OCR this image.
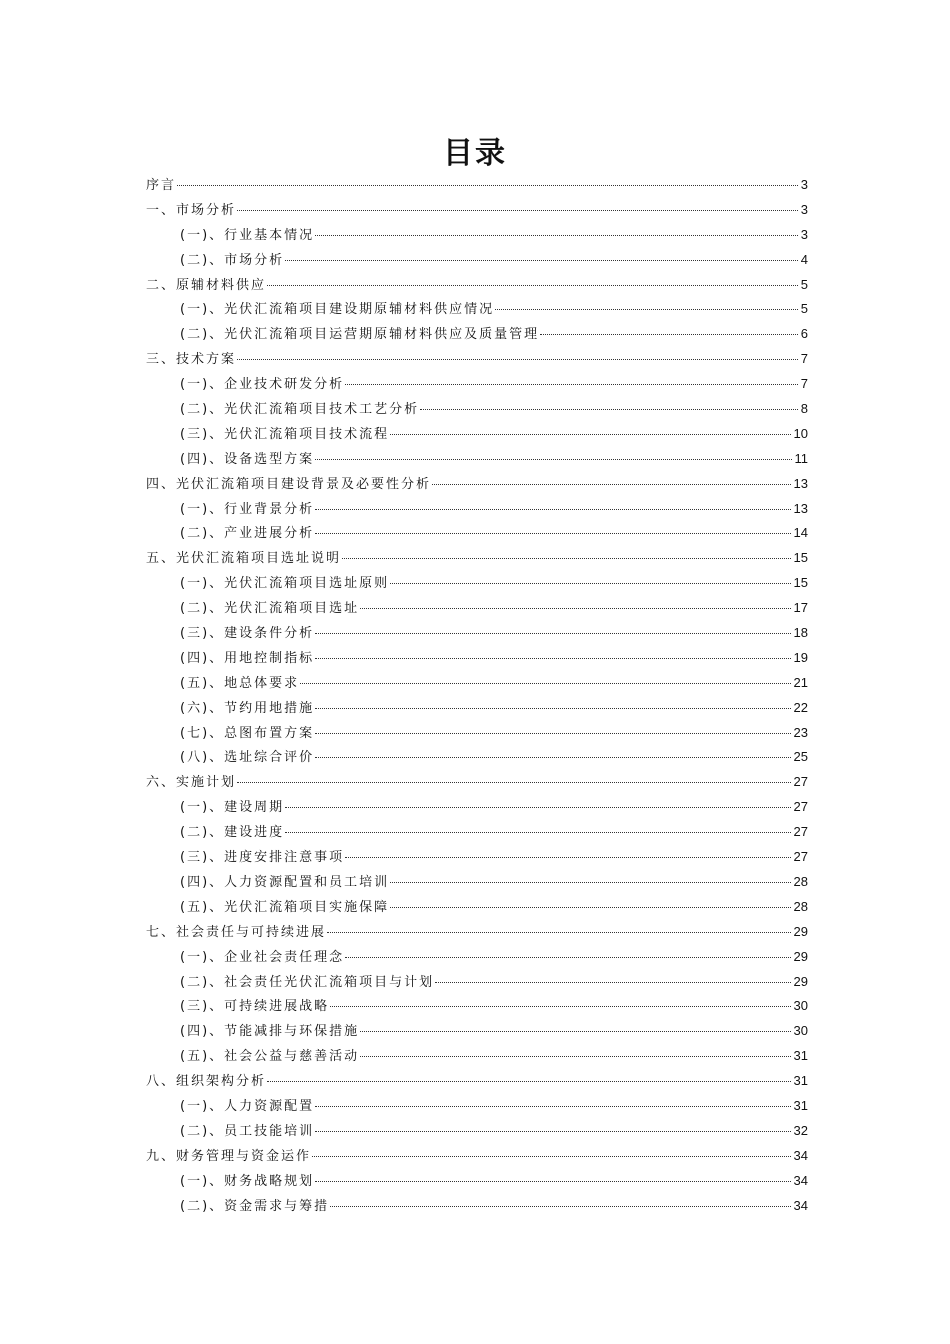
目录
序言	3
一、市场分析	3
(一)、行业基本情况	3
(二)、市场分析	4
二、原辅材料供应	5
(一)、光伏汇流箱项目建设期原辅材料供应情况	5
(二)、光伏汇流箱项目运营期原辅材料供应及质量管理	6
三、技术方案	7
(一)、企业技术研发分析	7
(二)、光伏汇流箱项目技术工艺分析	8
(三)、光伏汇流箱项目技术流程	10
(四)、设备选型方案	11
四、光伏汇流箱项目建设背景及必要性分析	13
(一)、行业背景分析	13
(二)、产业进展分析	14
五、光伏汇流箱项目选址说明	15
(一)、光伏汇流箱项目选址原则	15
(二)、光伏汇流箱项目选址	17
(三)、建设条件分析	18
(四)、用地控制指标	19
(五)、地总体要求	21
(六)、节约用地措施	22
(七)、总图布置方案	23
(八)、选址综合评价	25
六、实施计划	27
(一)、建设周期	27
(二)、建设进度	27
(三)、进度安排注意事项	27
(四)、人力资源配置和员工培训	28
(五)、光伏汇流箱项目实施保障	28
七、社会责任与可持续进展	29
(一)、企业社会责任理念	29
(二)、社会责任光伏汇流箱项目与计划	29
(三)、可持续进展战略	30
(四)、节能减排与环保措施	30
(五)、社会公益与慈善活动	31
八、组织架构分析	31
(一)、人力资源配置	31
(二)、员工技能培训	32
九、财务管理与资金运作	34
(一)、财务战略规划	34
(二)、资金需求与筹措	34
